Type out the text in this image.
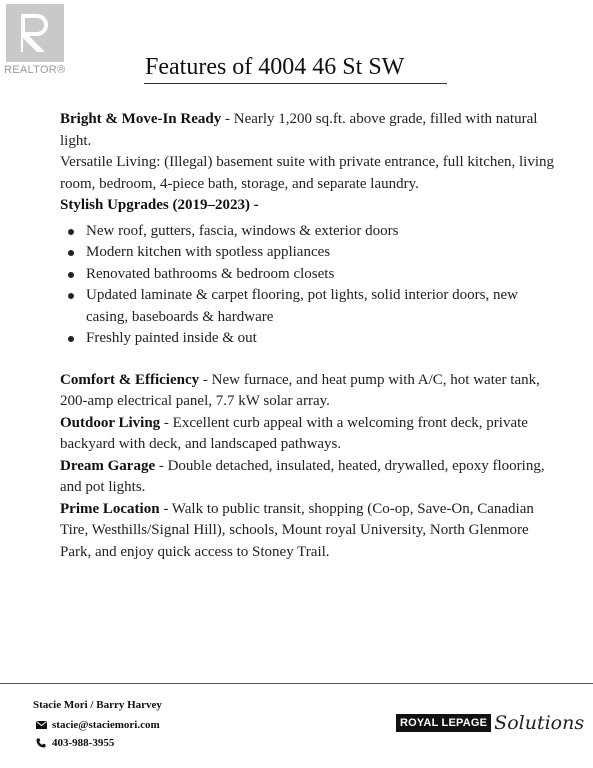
REALTOR®	Features of 4004 46 St SW

Bright & Move-In Ready - Nearly 1,200 sq.ft. above grade, filled with natural light.

Versatile Living: (Illegal) basement suite with private entrance, full kitchen, living room, bedroom, 4-piece bath, storage, and separate laundry.

Stylish Upgrades (2019–2023) -

New roof, gutters, fascia, windows & exterior doors
Modern kitchen with spotless appliances
Renovated bathrooms & bedroom closets
Updated laminate & carpet flooring, pot lights, solid interior doors, new casing, baseboards & hardware
Freshly painted inside & out

Comfort & Efficiency - New furnace, and heat pump with A/C, hot water tank, 200-amp electrical panel, 7.7 kW solar array.

Outdoor Living - Excellent curb appeal with a welcoming front deck, private backyard with deck, and landscaped pathways.

Dream Garage - Double detached, insulated, heated, drywalled, epoxy flooring, and pot lights.

Prime Location - Walk to public transit, shopping (Co-op, Save-On, Canadian Tire, Westhills/Signal Hill), schools, Mount royal University, North Glenmore Park, and enjoy quick access to Stoney Trail.

Stacie Mori / Barry Harvey
stacie@staciemori.com
403-988-3955
ROYAL LEPAGE Solutions
